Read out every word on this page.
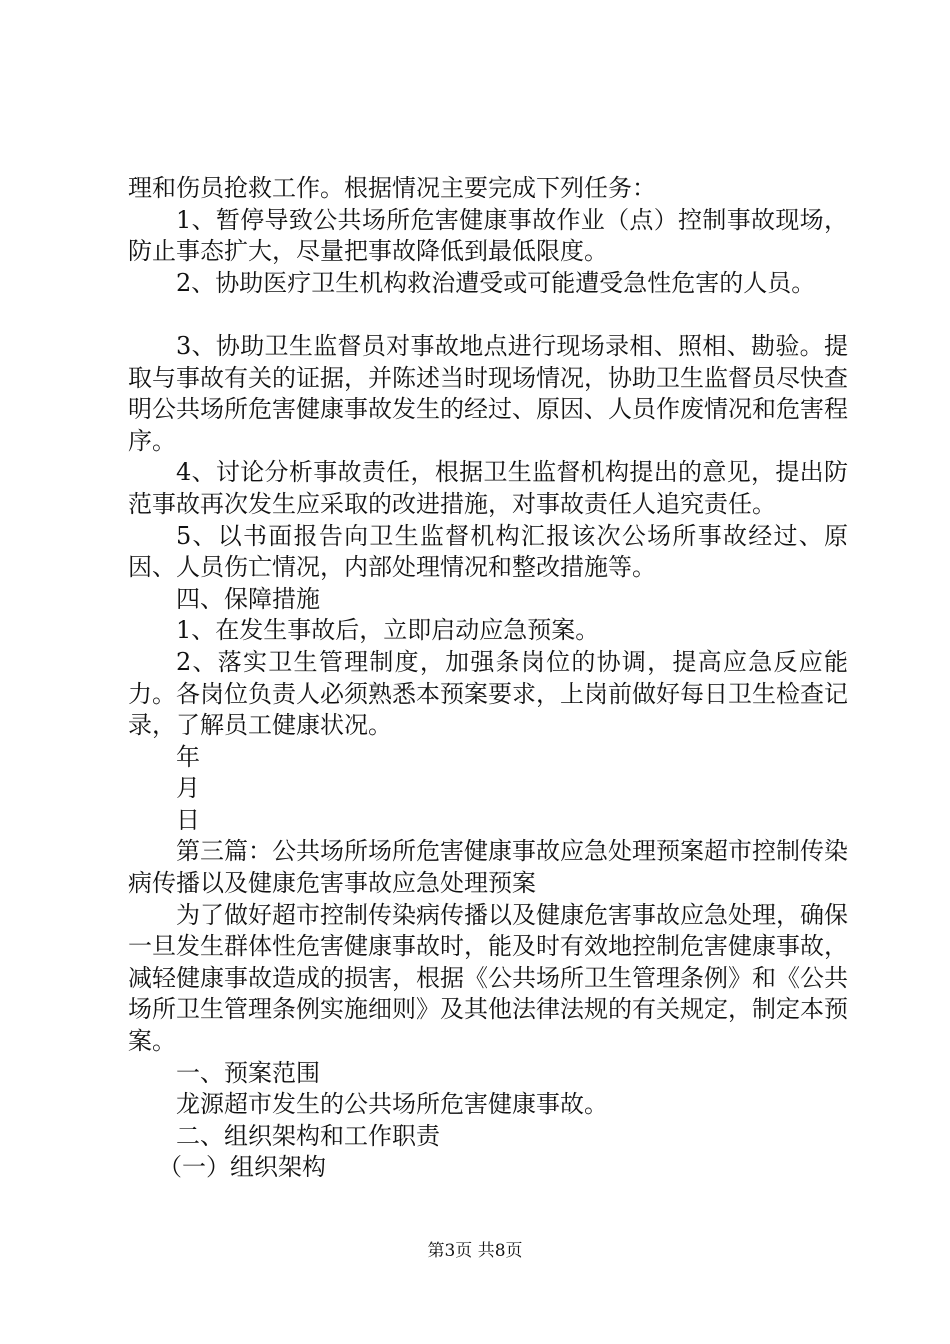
理和伤员抢救工作。根据情况主要完成下列任务：

1、暂停导致公共场所危害健康事故作业（点）控制事故现场，防止事态扩大，尽量把事故降低到最低限度。

2、协助医疗卫生机构救治遭受或可能遭受急性危害的人员。

3、协助卫生监督员对事故地点进行现场录相、照相、勘验。提取与事故有关的证据，并陈述当时现场情况，协助卫生监督员尽快查明公共场所危害健康事故发生的经过、原因、人员作废情况和危害程序。

4、讨论分析事故责任，根据卫生监督机构提出的意见，提出防范事故再次发生应采取的改进措施，对事故责任人追究责任。

5、以书面报告向卫生监督机构汇报该次公场所事故经过、原因、人员伤亡情况，内部处理情况和整改措施等。

四、保障措施

1、在发生事故后，立即启动应急预案。

2、落实卫生管理制度，加强条岗位的协调，提高应急反应能力。各岗位负责人必须熟悉本预案要求，上岗前做好每日卫生检查记录，了解员工健康状况。

年

月

日

第三篇：公共场所场所危害健康事故应急处理预案超市控制传染病传播以及健康危害事故应急处理预案

为了做好超市控制传染病传播以及健康危害事故应急处理，确保一旦发生群体性危害健康事故时，能及时有效地控制危害健康事故，减轻健康事故造成的损害，根据《公共场所卫生管理条例》和《公共场所卫生管理条例实施细则》及其他法律法规的有关规定，制定本预案。

一、预案范围

龙源超市发生的公共场所危害健康事故。

二、组织架构和工作职责

（一）组织架构

第3页 共8页
